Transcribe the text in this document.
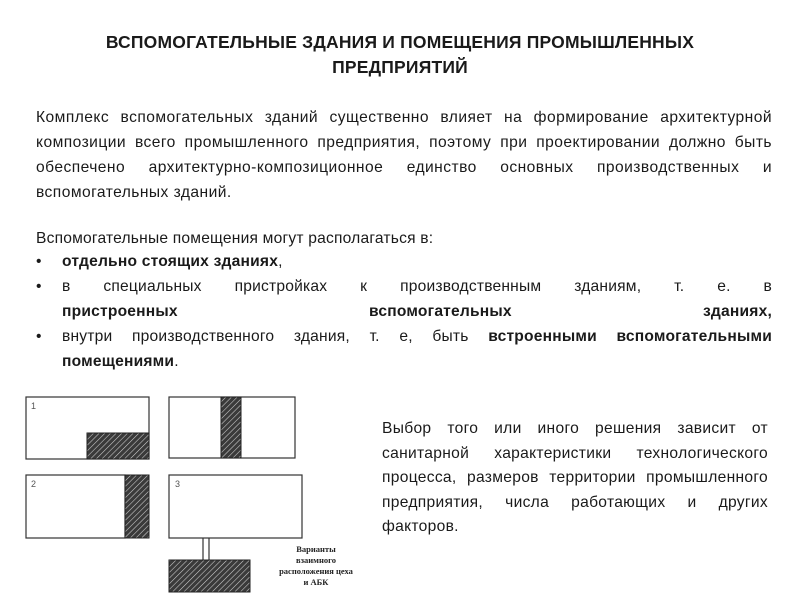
ВСПОМОГАТЕЛЬНЫЕ ЗДАНИЯ И ПОМЕЩЕНИЯ ПРОМЫШЛЕННЫХ
ПРЕДПРИЯТИЙ

Комплекс вспомогательных зданий существенно влияет на формирование архитектурной композиции всего промышленного предприятия, поэтому при проектировании должно быть обеспечено архитектурно-композиционное единство основных производственных и вспомогательных зданий.

Вспомогательные помещения могут располагаться в:

• отдельно стоящих зданиях,
• в специальных пристройках к производственным зданиям, т. е. в
пристроенных вспомогательных зданиях,
• внутри производственного здания, т. е, быть встроенными вспомогательными помещениями.
1
2	3
Варианты
взаимного
расположения цеха
и АБК

Выбор того или иного решения зависит от санитарной характеристики технологического процесса, размеров территории промышленного предприятия, числа работающих и других факторов.
